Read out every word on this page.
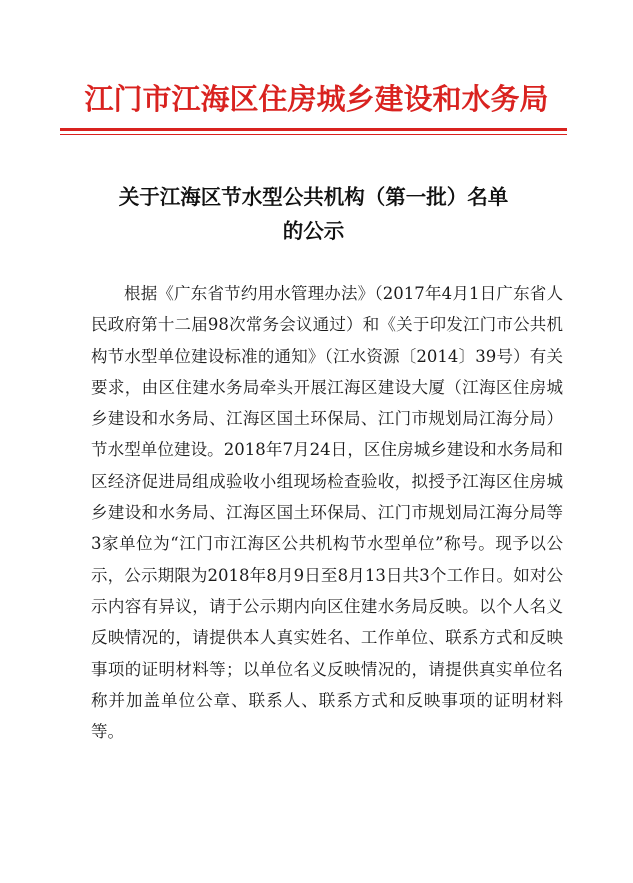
江门市江海区住房城乡建设和水务局
关于江海区节水型公共机构（第一批）名单
的公示
根据《广东省节约用水管理办法》（2017年4月1日广东省人民政府第十二届98次常务会议通过）和《关于印发江门市公共机构节水型单位建设标准的通知》（江水资源〔2014〕39号）有关要求，由区住建水务局牵头开展江海区建设大厦（江海区住房城乡建设和水务局、江海区国土环保局、江门市规划局江海分局）节水型单位建设。2018年7月24日，区住房城乡建设和水务局和区经济促进局组成验收小组现场检查验收，拟授予江海区住房城乡建设和水务局、江海区国土环保局、江门市规划局江海分局等3家单位为“江门市江海区公共机构节水型单位”称号。现予以公示，公示期限为2018年8月9日至8月13日共3个工作日。如对公示内容有异议，请于公示期内向区住建水务局反映。以个人名义反映情况的，请提供本人真实姓名、工作单位、联系方式和反映事项的证明材料等；以单位名义反映情况的，请提供真实单位名称并加盖单位公章、联系人、联系方式和反映事项的证明材料等。
